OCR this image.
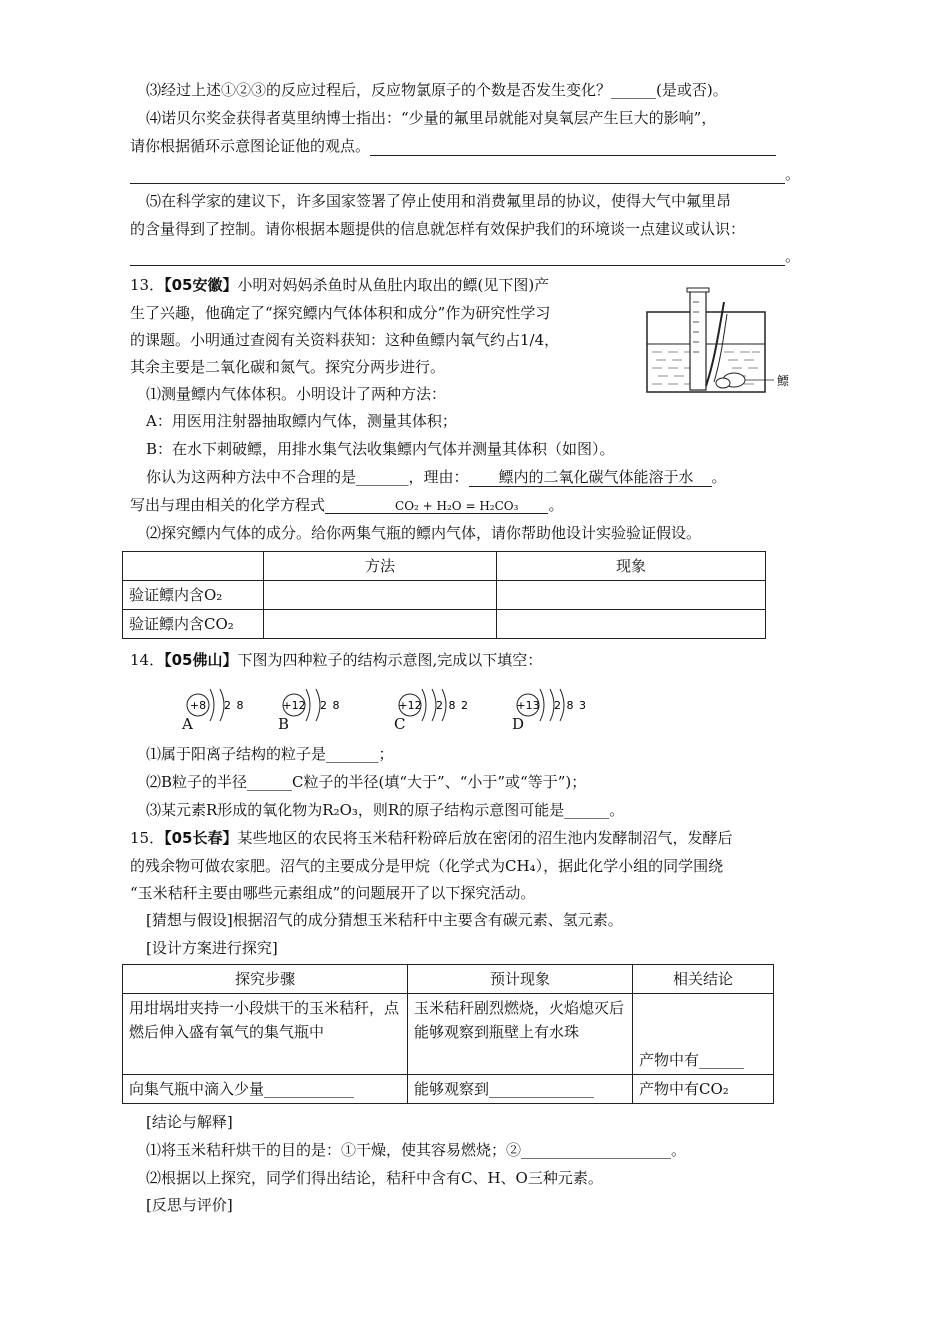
⑶经过上述①②③的反应过程后，反应物氯原子的个数是否发生变化？______(是或否)。
⑷诺贝尔奖金获得者莫里纳博士指出：“少量的氟里昂就能对臭氧层产生巨大的影响”，
请你根据循环示意图论证他的观点。
。
⑸在科学家的建议下，许多国家签署了停止使用和消费氟里昂的协议，使得大气中氟里昂
的含量得到了控制。请你根据本题提供的信息就怎样有效保护我们的环境谈一点建议或认识：
。
13．【05安徽】小明对妈妈杀鱼时从鱼肚内取出的鳔(见下图)产
生了兴趣，他确定了“探究鳔内气体体积和成分”作为研究性学习
的课题。小明通过查阅有关资料获知：这种鱼鳔内氧气约占1/4，
其余主要是二氧化碳和氮气。探究分两步进行。
鳔
⑴测量鳔内气体体积。小明设计了两种方法：
A：用医用注射器抽取鳔内气体，测量其体积；
B：在水下刺破鳔，用排水集气法收集鳔内气体并测量其体积（如图）。
你认为这两种方法中不合理的是_______，理由： 鳔内的二氧化碳气体能溶于水 。
写出与理由相关的化学方程式	CO₂ + H₂O = H₂CO₃ 。
⑵探究鳔内气体的成分。给你两集气瓶的鳔内气体，请你帮助他设计实验验证假设。
	方法	现象
验证鳔内含O₂		
验证鳔内含CO₂		
14．【05佛山】下图为四种粒子的结构示意图,完成以下填空：
+8 2 8
A
+12 2 8
B
+12 2 8 2
C
+13 2 8 3
D
⑴属于阳离子结构的粒子是_______；
⑵B粒子的半径______C粒子的半径(填“大于”、“小于”或“等于”)；
⑶某元素R形成的氧化物为R₂O₃，则R的原子结构示意图可能是______。
15．【05长春】某些地区的农民将玉米秸秆粉碎后放在密闭的沼生池内发酵制沼气，发酵后
的残余物可做农家肥。沼气的主要成分是甲烷（化学式为CH₄），据此化学小组的同学围绕
“玉米秸秆主要由哪些元素组成”的问题展开了以下探究活动。
[猜想与假设]根据沼气的成分猜想玉米秸秆中主要含有碳元素、氢元素。
[设计方案进行探究]
探究步骤	预计现象	相关结论
用坩埚坩夹持一小段烘干的玉米秸秆，点燃后伸入盛有氧气的集气瓶中	玉米秸秆剧烈燃烧，火焰熄灭后能够观察到瓶壁上有水珠	产物中有______
向集气瓶中滴入少量____________	能够观察到______________	产物中有CO₂
[结论与解释]
⑴将玉米秸秆烘干的目的是：①干燥，使其容易燃烧；②____________________。
⑵根据以上探究，同学们得出结论，秸秆中含有C、H、O三种元素。
[反思与评价]
